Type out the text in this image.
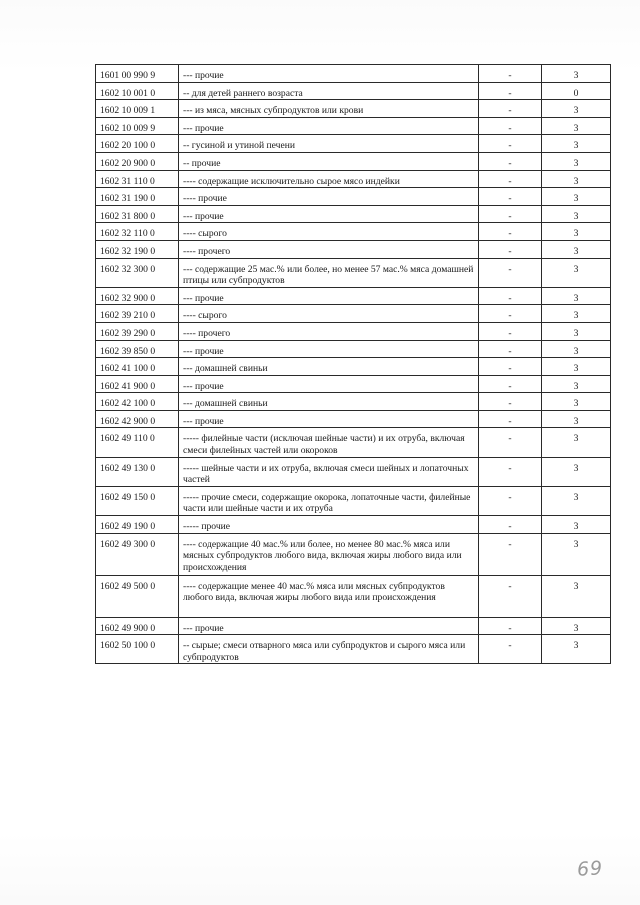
1601 00 990 9	--- прочие	-	3
1602 10 001 0	-- для детей раннего возраста	-	0
1602 10 009 1	--- из мяса, мясных субпродуктов или крови	-	3
1602 10 009 9	--- прочие	-	3
1602 20 100 0	-- гусиной и утиной печени	-	3
1602 20 900 0	-- прочие	-	3
1602 31 110 0	---- содержащие исключительно сырое мясо индейки	-	3
1602 31 190 0	---- прочие	-	3
1602 31 800 0	--- прочие	-	3
1602 32 110 0	---- сырого	-	3
1602 32 190 0	---- прочего	-	3
1602 32 300 0	--- содержащие 25 мас.% или более, но менее 57 мас.% мяса домашней птицы или субпродуктов	-	3
1602 32 900 0	--- прочие	-	3
1602 39 210 0	---- сырого	-	3
1602 39 290 0	---- прочего	-	3
1602 39 850 0	--- прочие	-	3
1602 41 100 0	--- домашней свиньи	-	3
1602 41 900 0	--- прочие	-	3
1602 42 100 0	--- домашней свиньи	-	3
1602 42 900 0	--- прочие	-	3
1602 49 110 0	----- филейные части (исключая шейные части) и их отруба, включая смеси филейных частей или окороков	-	3
1602 49 130 0	----- шейные части и их отруба, включая смеси шейных и лопаточных частей	-	3
1602 49 150 0	----- прочие смеси, содержащие окорока, лопаточные части, филейные части или шейные части и их отруба	-	3
1602 49 190 0	----- прочие	-	3
1602 49 300 0	---- содержащие 40 мас.% или более, но менее 80 мас.% мяса или мясных субпродуктов любого вида, включая жиры любого вида или происхождения	-	3
1602 49 500 0	---- содержащие менее 40 мас.% мяса или мясных субпродуктов любого вида, включая жиры любого вида или происхождения	-	3
1602 49 900 0	--- прочие	-	3
1602 50 100 0	-- сырые; смеси отварного мяса или субпродуктов и сырого мяса или субпродуктов	-	3
69
